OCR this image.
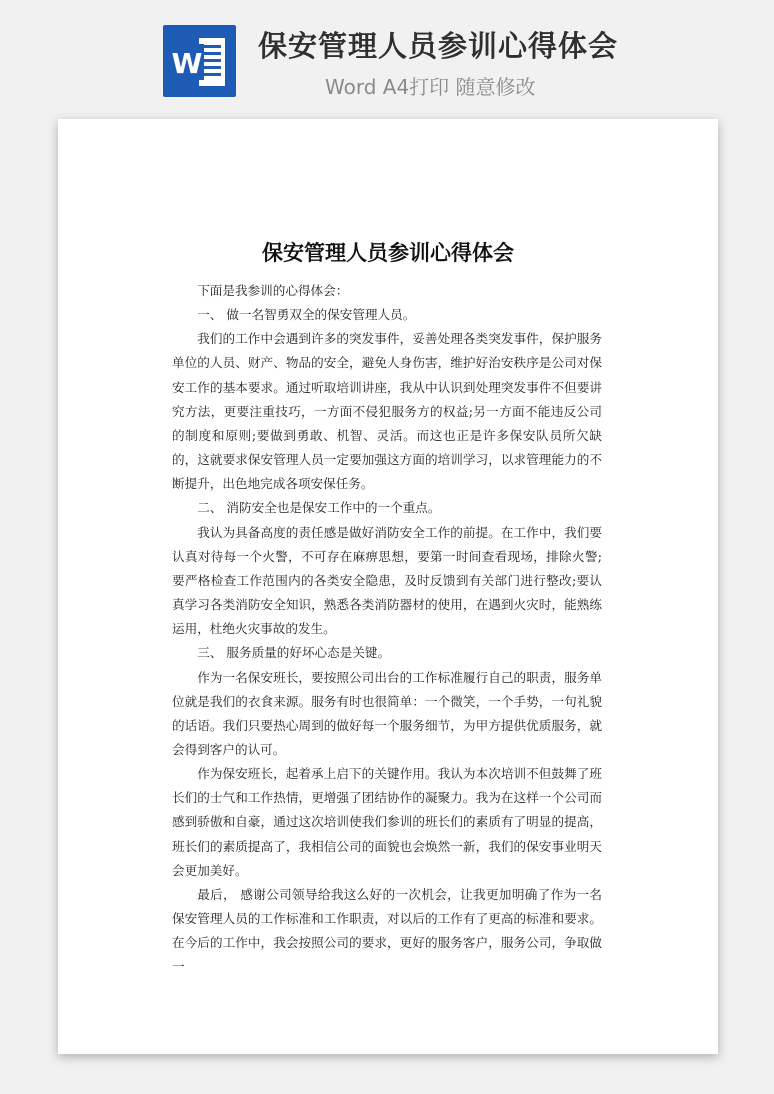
W
保安管理人员参训心得体会
Word A4打印 随意修改
保安管理人员参训心得体会

下面是我参训的心得体会：

一、 做一名智勇双全的保安管理人员。

我们的工作中会遇到许多的突发事件，妥善处理各类突发事件，保护服务单位的人员、财产、物品的安全，避免人身伤害，维护好治安秩序是公司对保安工作的基本要求。通过听取培训讲座，我从中认识到处理突发事件不但要讲究方法，更要注重技巧，一方面不侵犯服务方的权益;另一方面不能违反公司的制度和原则;要做到勇敢、机智、灵活。而这也正是许多保安队员所欠缺的，这就要求保安管理人员一定要加强这方面的培训学习，以求管理能力的不断提升，出色地完成各项安保任务。

二、 消防安全也是保安工作中的一个重点。

我认为具备高度的责任感是做好消防安全工作的前提。在工作中，我们要认真对待每一个火警，不可存在麻痹思想，要第一时间查看现场，排除火警;要严格检查工作范围内的各类安全隐患，及时反馈到有关部门进行整改;要认真学习各类消防安全知识，熟悉各类消防器材的使用，在遇到火灾时，能熟练运用，杜绝火灾事故的发生。

三、 服务质量的好坏心态是关键。

作为一名保安班长，要按照公司出台的工作标准履行自己的职责，服务单位就是我们的衣食来源。服务有时也很简单：一个微笑，一个手势，一句礼貌的话语。我们只要热心周到的做好每一个服务细节，为甲方提供优质服务，就会得到客户的认可。

作为保安班长，起着承上启下的关键作用。我认为本次培训不但鼓舞了班长们的士气和工作热情，更增强了团结协作的凝聚力。我为在这样一个公司而感到骄傲和自豪，通过这次培训使我们参训的班长们的素质有了明显的提高，班长们的素质提高了，我相信公司的面貌也会焕然一新，我们的保安事业明天会更加美好。

最后， 感谢公司领导给我这么好的一次机会，让我更加明确了作为一名保安管理人员的工作标准和工作职责，对以后的工作有了更高的标准和要求。在今后的工作中，我会按照公司的要求，更好的服务客户，服务公司，争取做一
